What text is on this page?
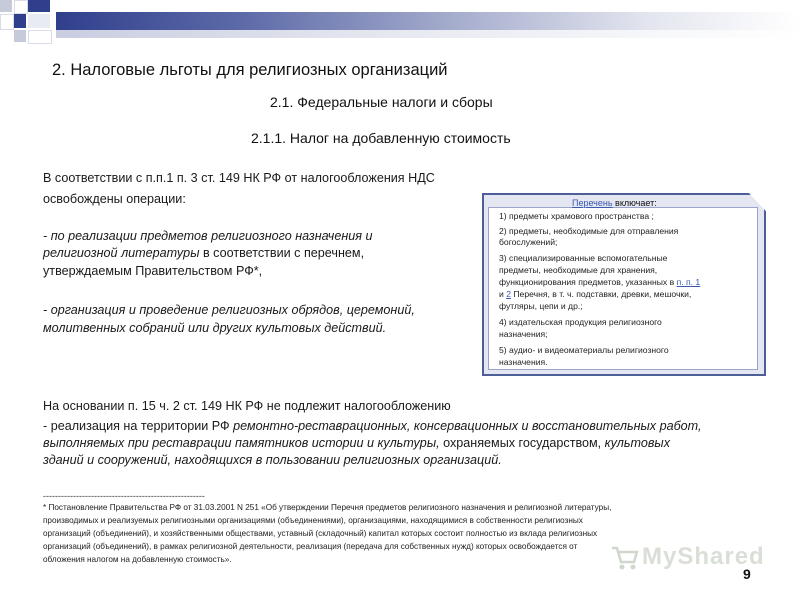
2. Налоговые льготы для религиозных организаций
2.1. Федеральные налоги и сборы
2.1.1. Налог на добавленную стоимость
В соответствии с п.п.1 п. 3 ст. 149 НК РФ от налогообложения НДС
освобождены операции:
- по реализации предметов религиозного назначения и
религиозной литературы в соответствии с перечнем,
утверждаемым Правительством РФ*,
- организация и проведение религиозных обрядов, церемоний,
молитвенных собраний или других культовых действий.
Перечень включает:
1) предметы храмового пространства ;
2) предметы, необходимые для отправления
богослужений;
3) специализированные вспомогательные
предметы, необходимые для хранения,
функционирования предметов, указанных в п. п. 1
и 2 Перечня, в т. ч. подставки, древки, мешочки,
футляры, цепи и др.;
4) издательская продукция религиозного
назначения;
5) аудио- и видеоматериалы религиозного
назначения.
На основании п. 15 ч. 2 ст. 149 НК РФ не подлежит налогообложению
- реализация на территории РФ ремонтно-реставрационных, консервационных и восстановительных работ,
выполняемых при реставрации памятников истории и культуры, охраняемых государством, культовых
зданий и сооружений, находящихся в пользовании религиозных организаций.
------------------------------------------------------
* Постановление Правительства РФ от 31.03.2001 N 251 «Об утверждении Перечня предметов религиозного назначения и религиозной литературы,
производимых и реализуемых религиозными организациями (объединениями), организациями, находящимися в собственности религиозных
организаций (объединений), и хозяйственными обществами, уставный (складочный) капитал которых состоит полностью из вклада религиозных
организаций (объединений), в рамках религиозной деятельности, реализация (передача для собственных нужд) которых освобождается от
обложения налогом на добавленную стоимость».	MyShared
9
